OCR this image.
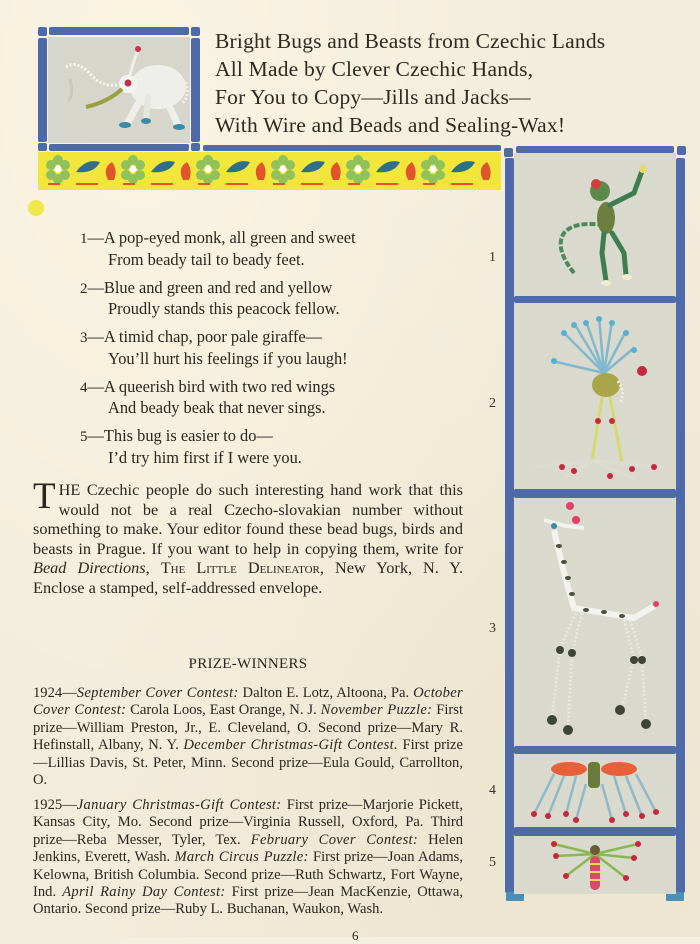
Bright Bugs and Beasts from Czechic Lands
All Made by Clever Czechic Hands,
For You to Copy—Jills and Jacks—
With Wire and Beads and Sealing-Wax!
1—A pop-eyed monk, all green and sweet
From beady tail to beady feet.
2—Blue and green and red and yellow
Proudly stands this peacock fellow.
3—A timid chap, poor pale giraffe—
You’ll hurt his feelings if you laugh!
4—A queerish bird with two red wings
And beady beak that never sings.
5—This bug is easier to do—
I’d try him first if I were you.
THE Czechic people do such interesting hand work that this would not be a real Czecho-slovakian number without something to make. Your editor found these bead bugs, birds and beasts in Prague. If you want to help in copying them, write for Bead Directions, The Little Delineator, New York, N. Y. Enclose a stamped, self-addressed envelope.
PRIZE-WINNERS
1924—September Cover Contest: Dalton E. Lotz, Altoona, Pa. October Cover Contest: Carola Loos, East Orange, N. J. November Puzzle: First prize—William Preston, Jr., E. Cleveland, O. Second prize—Mary R. Hefinstall, Albany, N. Y. December Christmas-Gift Contest. First prize—Lillias Davis, St. Peter, Minn. Second prize—Eula Gould, Carrollton, O.
1925—January Christmas-Gift Contest: First prize—Marjorie Pickett, Kansas City, Mo. Second prize—Virginia Russell, Oxford, Pa. Third prize—Reba Messer, Tyler, Tex. February Cover Contest: Helen Jenkins, Everett, Wash. March Circus Puzzle: First prize—Joan Adams, Kelowna, British Columbia. Second prize—Ruth Schwartz, Fort Wayne, Ind. April Rainy Day Contest: First prize—Jean MacKenzie, Ottawa, Ontario. Second prize—Ruby L. Buchanan, Waukon, Wash.
6
1
2
3
4
5
